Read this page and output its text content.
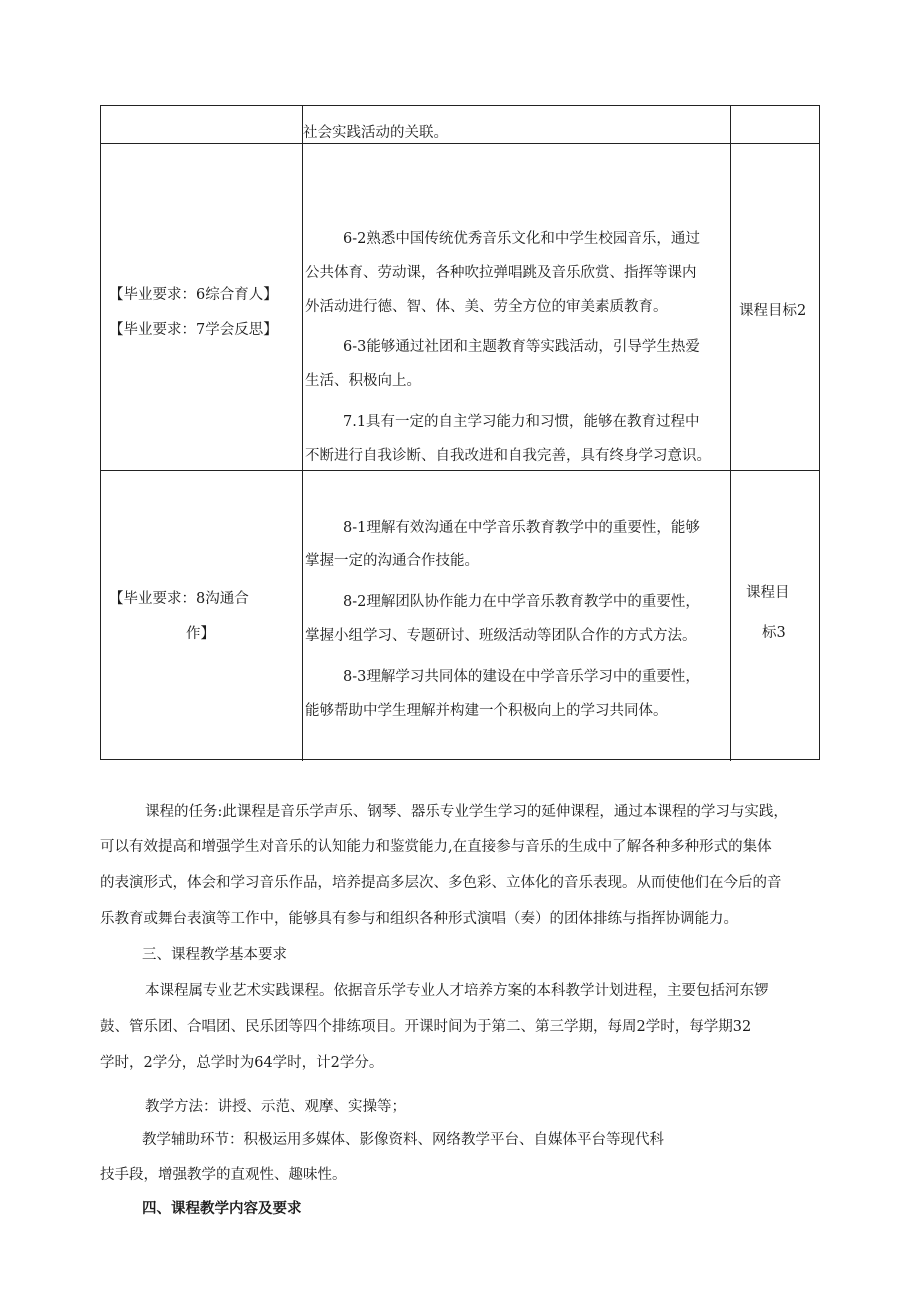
社会实践活动的关联。
【毕业要求：6综合育人】
【毕业要求：7学会反思】
6-2熟悉中国传统优秀音乐文化和中学生校园音乐，通过
公共体育、劳动课，各种吹拉弹唱跳及音乐欣赏、指挥等课内
外活动进行德、智、体、美、劳全方位的审美素质教育。
6-3能够通过社团和主题教育等实践活动，引导学生热爱
生活、积极向上。
7.1具有一定的自主学习能力和习惯，能够在教育过程中
不断进行自我诊断、自我改进和自我完善，具有终身学习意识。
课程目标2
【毕业要求：8沟通合
作】
8-1理解有效沟通在中学音乐教育教学中的重要性，能够
掌握一定的沟通合作技能。
8-2理解团队协作能力在中学音乐教育教学中的重要性，
掌握小组学习、专题研讨、班级活动等团队合作的方式方法。
8-3理解学习共同体的建设在中学音乐学习中的重要性，
能够帮助中学生理解并构建一个积极向上的学习共同体。
课程目
标3
课程的任务:此课程是音乐学声乐、钢琴、器乐专业学生学习的延伸课程，通过本课程的学习与实践，
可以有效提高和增强学生对音乐的认知能力和鉴赏能力,在直接参与音乐的生成中了解各种多种形式的集体
的表演形式，体会和学习音乐作品，培养提高多层次、多色彩、立体化的音乐表现。从而使他们在今后的音
乐教育或舞台表演等工作中，能够具有参与和组织各种形式演唱（奏）的团体排练与指挥协调能力。
三、课程教学基本要求
本课程属专业艺术实践课程。依据音乐学专业人才培养方案的本科教学计划进程，主要包括河东锣
鼓、管乐团、合唱团、民乐团等四个排练项目。开课时间为于第二、第三学期，每周2学时，每学期32
学时，2学分，总学时为64学时，计2学分。
教学方法：讲授、示范、观摩、实操等；
教学辅助环节：积极运用多媒体、影像资料、网络教学平台、自媒体平台等现代科
技手段，增强教学的直观性、趣味性。
四、课程教学内容及要求
